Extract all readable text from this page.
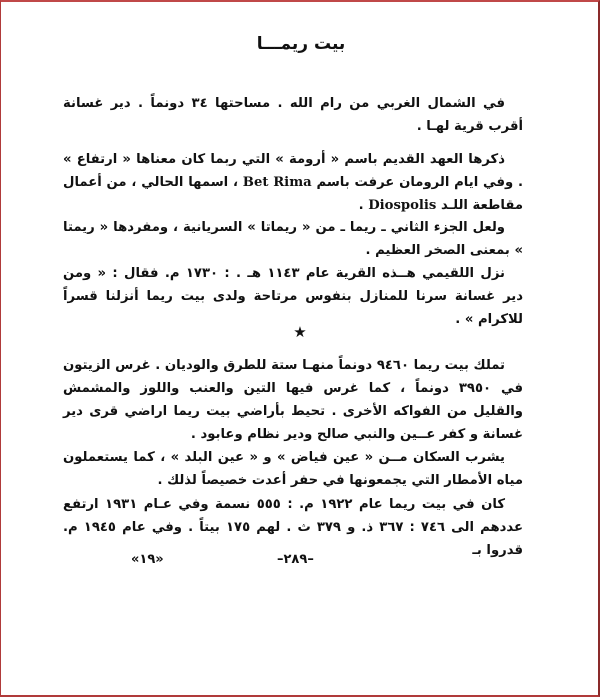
بيت ريمـــا
في الشمال الغربي من رام الله . مساحتها ٣٤ دونماً . دير غسانة أقرب قرية لهـا .
ذكرها العهد القديم باسم « أرومة » التي ربما كان معناها « ارتفاع » . وفي ايام الرومان عرفت باسم Bet Rima ، اسمها الحالي ، من أعمال مقاطعة اللـد Diospolis .
ولعل الجزء الثاني ـ ريما ـ من « ريماتا » السريانية ، ومفردها « ريمتا » بمعنى الصخر العظيم .
نزل اللقيمي هــذه القرية عام ١١٤٣ هـ . : ١٧٣٠ م. فقال : « ومن دير غسانة سرنا للمنازل بنفوس مرتاحة ولدى بيت ريما أنزلنا قسراً للاكرام » .
★
تملك بيت ريما ٩٤٦٠ دونماً منهـا ستة للطرق والوديان . غرس الزيتون في ٣٩٥٠ دونماً ، كما غرس فيها التين والعنب واللوز والمشمش والقليل من الفواكه الأخرى . تحيط بأراضي بيت ريما اراضي قرى دير غسانة و كفر عــين والنبي صالح ودير نظام وعابود .
يشرب السكان مــن « عين فياض » و « عين البلد » ، كما يستعملون مياه الأمطار التي يجمعونها في حفر أعدت خصيصاً لذلك .
كان في بيت ريما عام ١٩٢٢ م. : ٥٥٥ نسمة وفي عـام ١٩٣١ ارتفع عددهم الى ٧٤٦ : ٣٦٧ ذ. و ٣٧٩ ث . لهم ١٧٥ بيتاً . وفي عام ١٩٤٥ م. قدروا بـ
«١٩»	–٢٨٩–
